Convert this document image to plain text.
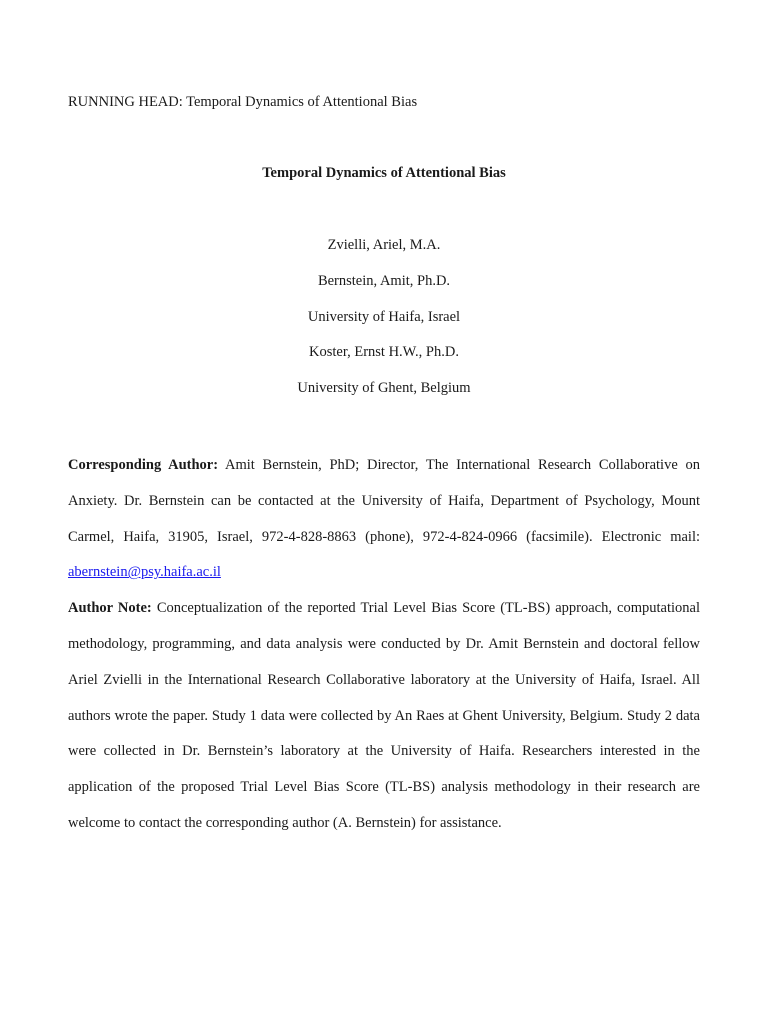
RUNNING HEAD: Temporal Dynamics of Attentional Bias
Temporal Dynamics of Attentional Bias
Zvielli, Ariel, M.A.
Bernstein, Amit, Ph.D.
University of Haifa, Israel
Koster, Ernst H.W., Ph.D.
University of Ghent, Belgium

Corresponding Author: Amit Bernstein, PhD; Director, The International Research Collaborative on Anxiety. Dr. Bernstein can be contacted at the University of Haifa, Department of Psychology, Mount Carmel, Haifa, 31905, Israel, 972-4-828-8863 (phone), 972-4-824-0966 (facsimile). Electronic mail: abernstein@psy.haifa.ac.il

Author Note: Conceptualization of the reported Trial Level Bias Score (TL-BS) approach, computational methodology, programming, and data analysis were conducted by Dr. Amit Bernstein and doctoral fellow Ariel Zvielli in the International Research Collaborative laboratory at the University of Haifa, Israel. All authors wrote the paper. Study 1 data were collected by An Raes at Ghent University, Belgium. Study 2 data were collected in Dr. Bernstein’s laboratory at the University of Haifa. Researchers interested in the application of the proposed Trial Level Bias Score (TL-BS) analysis methodology in their research are welcome to contact the corresponding author (A. Bernstein) for assistance.
